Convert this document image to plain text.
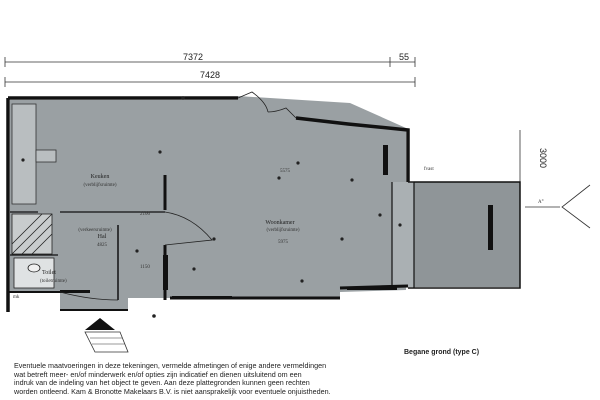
7372	55
7428
3000
A°
fvast
mk
2100
1150
Keuken
(verblijfsruimte)
(verkeersruimte)
Hal
4825
5575
Woonkamer
(verblijfsruimte)
5975
Toilet
(toiletruimte)

Begane grond (type C)

Eventuele maatvoeringen in deze tekeningen, vermelde afmetingen of enige andere vermeldingen
wat betreft meer- en/of minderwerk en/of opties zijn indicatief en dienen uitsluitend om een
indruk van de indeling van het object te geven. Aan deze plattegronden kunnen geen rechten
worden ontleend. Kam & Bronotte Makelaars B.V. is niet aansprakelijk voor eventuele onjuistheden.
